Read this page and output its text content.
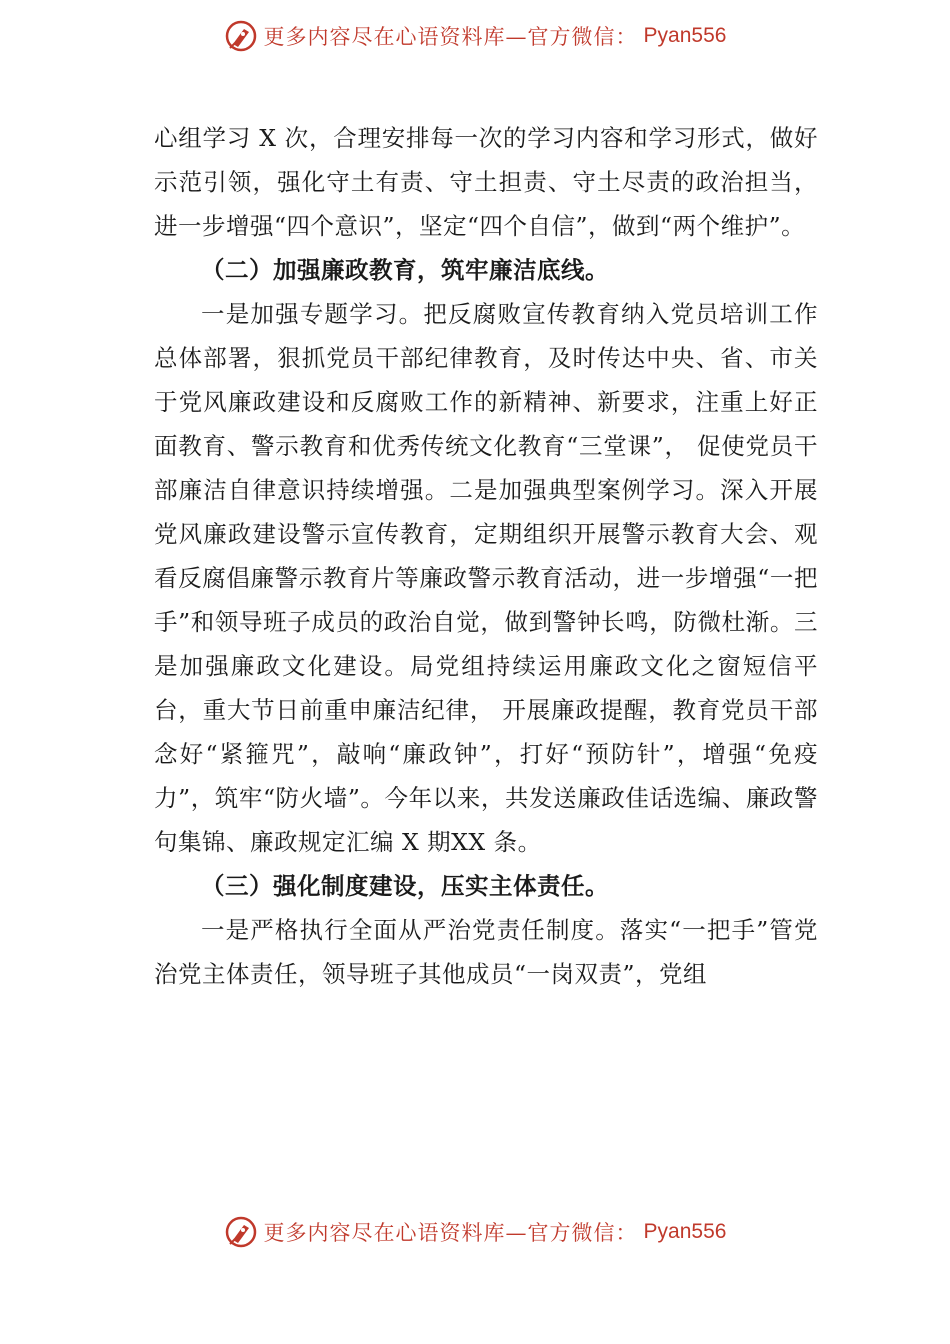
更多内容尽在心语资料库—官方微信： Pyan556

心组学习 X 次，合理安排每一次的学习内容和学习形式，做好示范引领，强化守土有责、守土担责、守土尽责的政治担当，进一步增强“四个意识”，坚定“四个自信”，做到“两个维护”。

（二）加强廉政教育，筑牢廉洁底线。

一是加强专题学习。把反腐败宣传教育纳入党员培训工作总体部署，狠抓党员干部纪律教育，及时传达中央、省、市关于党风廉政建设和反腐败工作的新精神、新要求，注重上好正面教育、警示教育和优秀传统文化教育“三堂课”， 促使党员干部廉洁自律意识持续增强。二是加强典型案例学习。深入开展党风廉政建设警示宣传教育，定期组织开展警示教育大会、观看反腐倡廉警示教育片等廉政警示教育活动，进一步增强“一把手”和领导班子成员的政治自觉，做到警钟长鸣，防微杜渐。三是加强廉政文化建设。局党组持续运用廉政文化之窗短信平台，重大节日前重申廉洁纪律， 开展廉政提醒，教育党员干部念好“紧箍咒”，敲响“廉政钟”，打好“预防针”，增强“免疫力”，筑牢“防火墙”。今年以来，共发送廉政佳话选编、廉政警句集锦、廉政规定汇编 X 期XX 条。

（三）强化制度建设，压实主体责任。

一是严格执行全面从严治党责任制度。落实“一把手”管党治党主体责任，领导班子其他成员“一岗双责”，党组

更多内容尽在心语资料库—官方微信： Pyan556
